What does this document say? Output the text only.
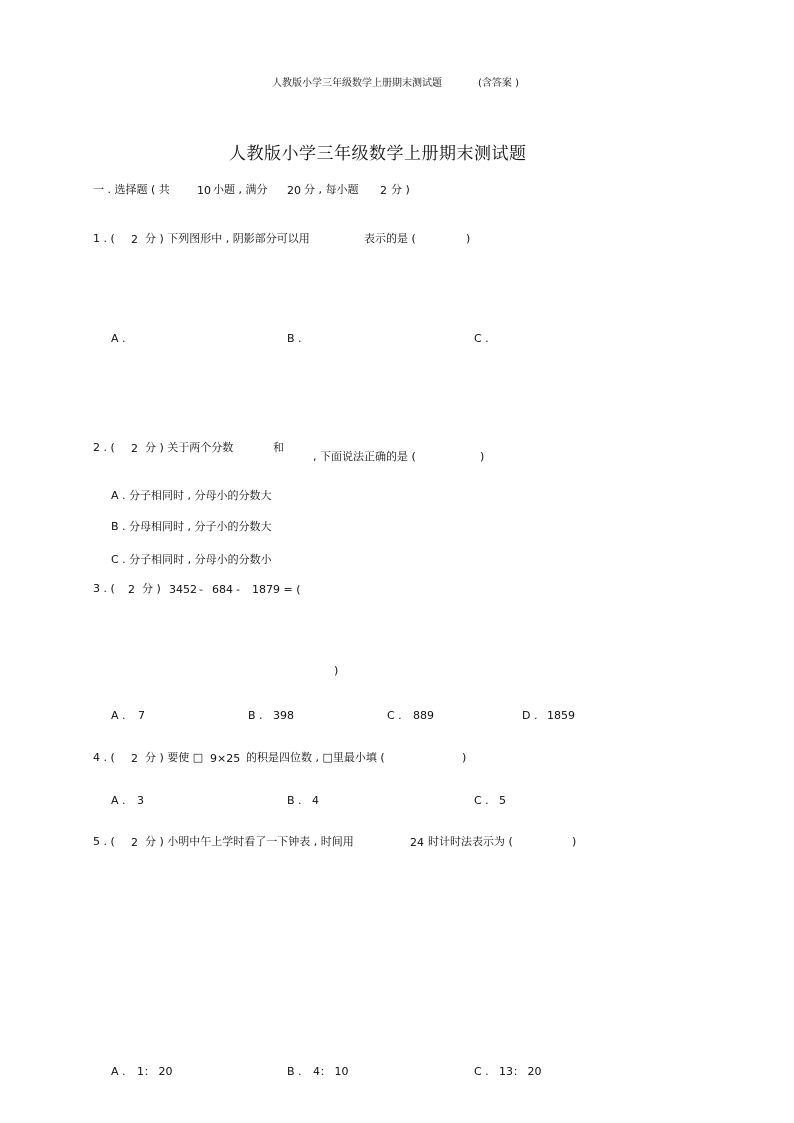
人教版小学三年级数学上册期末测试题	(含答案 )
人教版小学三年级数学上册期末测试题
一 . 选择题 ( 共 10 小题 , 满分 20 分 , 每小题 2 分 )
1 . ( 2 分 ) 下列图形中 , 阴影部分可以用	表示的是 (	)
A .	B .	C .
2 . ( 2 分 ) 关于两个分数	和
, 下面说法正确的是 (	)
A . 分子相同时 , 分母小的分数大
B . 分母相同时 , 分子小的分数大
C . 分子相同时 , 分母小的分数小
3 . ( 2 分 ) 3452 - 684 - 1879 = (
)
A . 7	B . 398	C . 889	D . 1859
4 . ( 2 分 ) 要使 □ 9×25 的积是四位数 , □里最小填 (	)
A . 3	B . 4	C . 5
5 . ( 2 分 ) 小明中午上学时看了一下钟表 , 时间用	24 时计时法表示为 (	)
A . 1： 20	B . 4： 10	C . 13： 20
